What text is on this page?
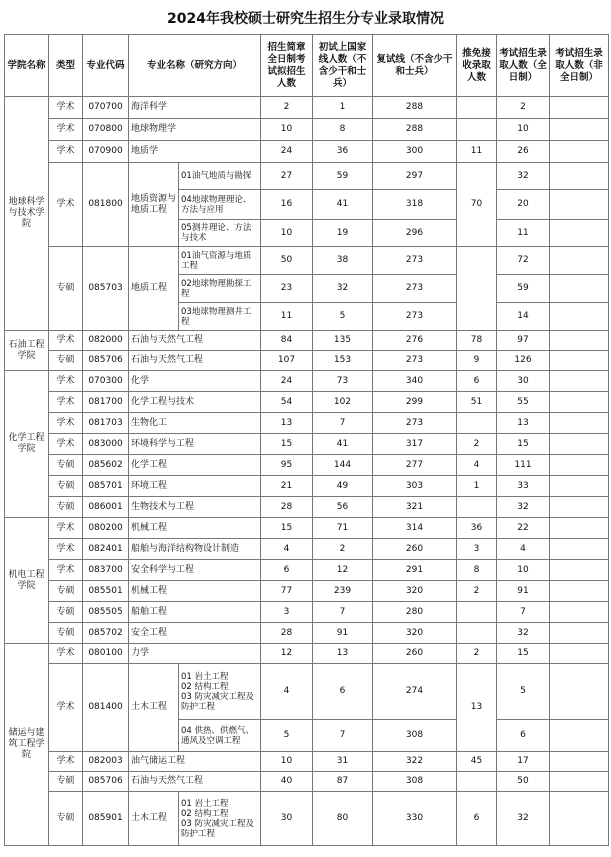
2024年我校硕士研究生招生分专业录取情况
学院名称	类型	专业代码	专业名称（研究方向）		招生简章全日制考试拟招生人数	初试上国家线人数（不含少干和士兵）	复试线（不含少干和士兵）	推免接收录取人数	考试招生录取人数（全日制）	考试招生录取人数（非全日制）
地球科学与技术学院	学术	070700	海洋科学		2	1	288		2	
	学术	070800	地球物理学		10	8	288		10	
	学术	070900	地质学		24	36	300	11	26	
	学术	081800	地质资源与地质工程	01油气地质与勘探	27	59	297	70	32	
				04地球物理理论、方法与应用	16	41	318		20	
				05测井理论、方法与技术	10	19	296		11	
	专硕	085703	地质工程	01油气资源与地质工程	50	38	273		72	
				02地球物理勘探工程	23	32	273		59	
				03地球物理测井工程	11	5	273		14	
石油工程学院	学术	082000	石油与天然气工程		84	135	276	78	97	
	专硕	085706	石油与天然气工程		107	153	273	9	126	
化学工程学院	学术	070300	化学		24	73	340	6	30	
	学术	081700	化学工程与技术		54	102	299	51	55	
	学术	081703	生物化工		13	7	273		13	
	学术	083000	环境科学与工程		15	41	317	2	15	
	专硕	085602	化学工程		95	144	277	4	111	
	专硕	085701	环境工程		21	49	303	1	33	
	专硕	086001	生物技术与工程		28	56	321		32	
机电工程学院	学术	080200	机械工程		15	71	314	36	22	
	学术	082401	船舶与海洋结构物设计制造		4	2	260	3	4	
	学术	083700	安全科学与工程		6	12	291	8	10	
	专硕	085501	机械工程		77	239	320	2	91	
	专硕	085505	船舶工程		3	7	280		7	
	专硕	085702	安全工程		28	91	320		32	
储运与建筑工程学院	学术	080100	力学		12	13	260	2	15	
	学术	081400	土木工程	01 岩土工程
02 结构工程
03 防灾减灾工程及防护工程	4	6	274	13	5	
				04 供热、供燃气、通风及空调工程	5	7	308		6	
	学术	082003	油气储运工程		10	31	322	45	17	
	专硕	085706	石油与天然气工程		40	87	308		50	
	专硕	085901	土木工程	01 岩土工程
02 结构工程
03 防灾减灾工程及防护工程	30	80	330	6	32	
